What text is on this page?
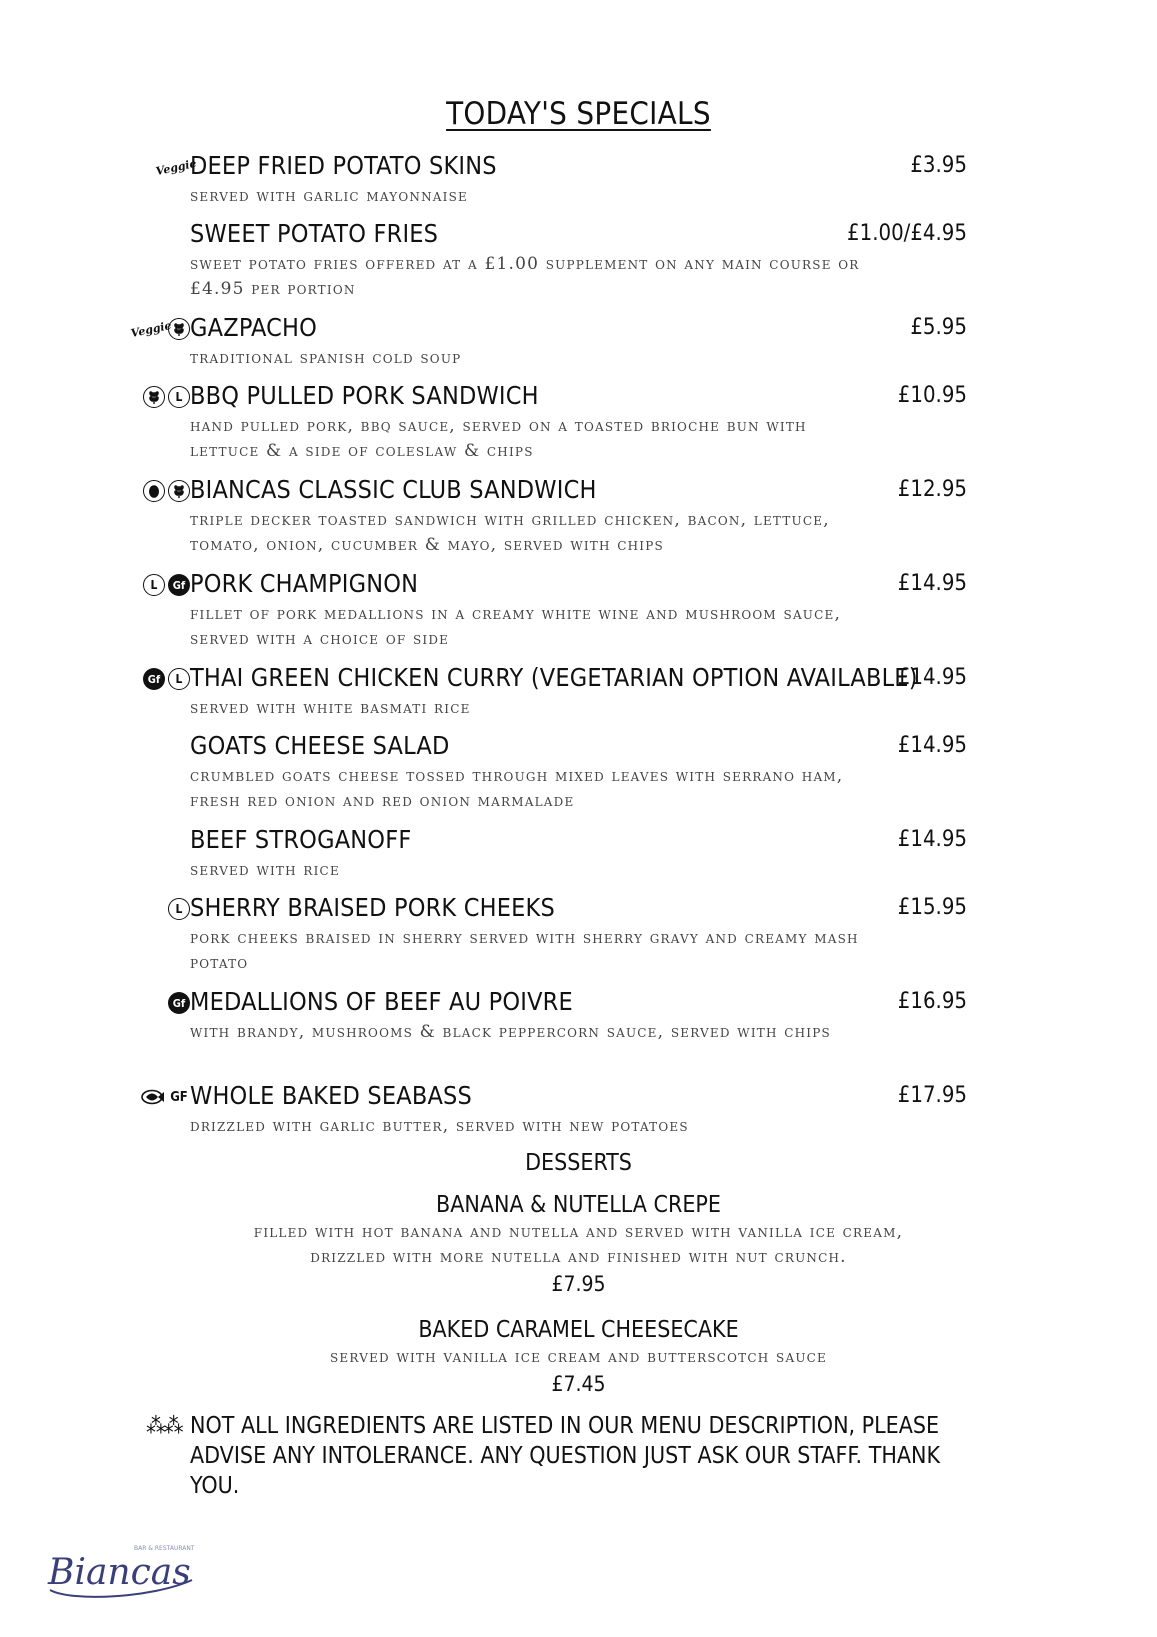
TODAY'S SPECIALS
Veggie
DEEP FRIED POTATO SKINS	£3.95
served with garlic mayonnaise
SWEET POTATO FRIES	£1.00/£4.95
sweet potato fries offered at a £1.00 supplement on any main course or £4.95 per portion
Veggie GAZPACHO	£5.95
traditional spanish cold soup
L BBQ PULLED PORK SANDWICH	£10.95
hand pulled pork, bbq sauce, served on a toasted brioche bun with lettuce & a side of coleslaw & chips
BIANCAS CLASSIC CLUB SANDWICH	£12.95
triple decker toasted sandwich with grilled chicken, bacon, lettuce, tomato, onion, cucumber & mayo, served with chips
L	Gf PORK CHAMPIGNON	£14.95
fillet of pork medallions in a creamy white wine and mushroom sauce, served with a choice of side
Gf	L THAI GREEN CHICKEN CURRY (VEGETARIAN OPTION AVAILABLE)
£14.95
served with white basmati rice
GOATS CHEESE SALAD	£14.95
crumbled goats cheese tossed through mixed leaves with serrano ham, fresh red onion and red onion marmalade
BEEF STROGANOFF	£14.95
served with rice
L SHERRY BRAISED PORK CHEEKS	£15.95
pork cheeks braised in sherry served with sherry gravy and creamy mash potato
Gf MEDALLIONS OF BEEF AU POIVRE	£16.95
with brandy, mushrooms & black peppercorn sauce, served with chips
GF WHOLE BAKED SEABASS	£17.95
drizzled with garlic butter, served with new potatoes
DESSERTS
BANANA & NUTELLA CREPE
filled with hot banana and nutella and served with vanilla ice cream,
drizzled with more nutella and finished with nut crunch.
£7.95
BAKED CARAMEL CHEESECAKE
served with vanilla ice cream and butterscotch sauce
£7.45
⁂⁂ NOT ALL INGREDIENTS ARE LISTED IN OUR MENU DESCRIPTION, PLEASE ADVISE ANY INTOLERANCE. ANY QUESTION JUST ASK OUR STAFF. THANK YOU.
Biancas
BAR & RESTAURANT
